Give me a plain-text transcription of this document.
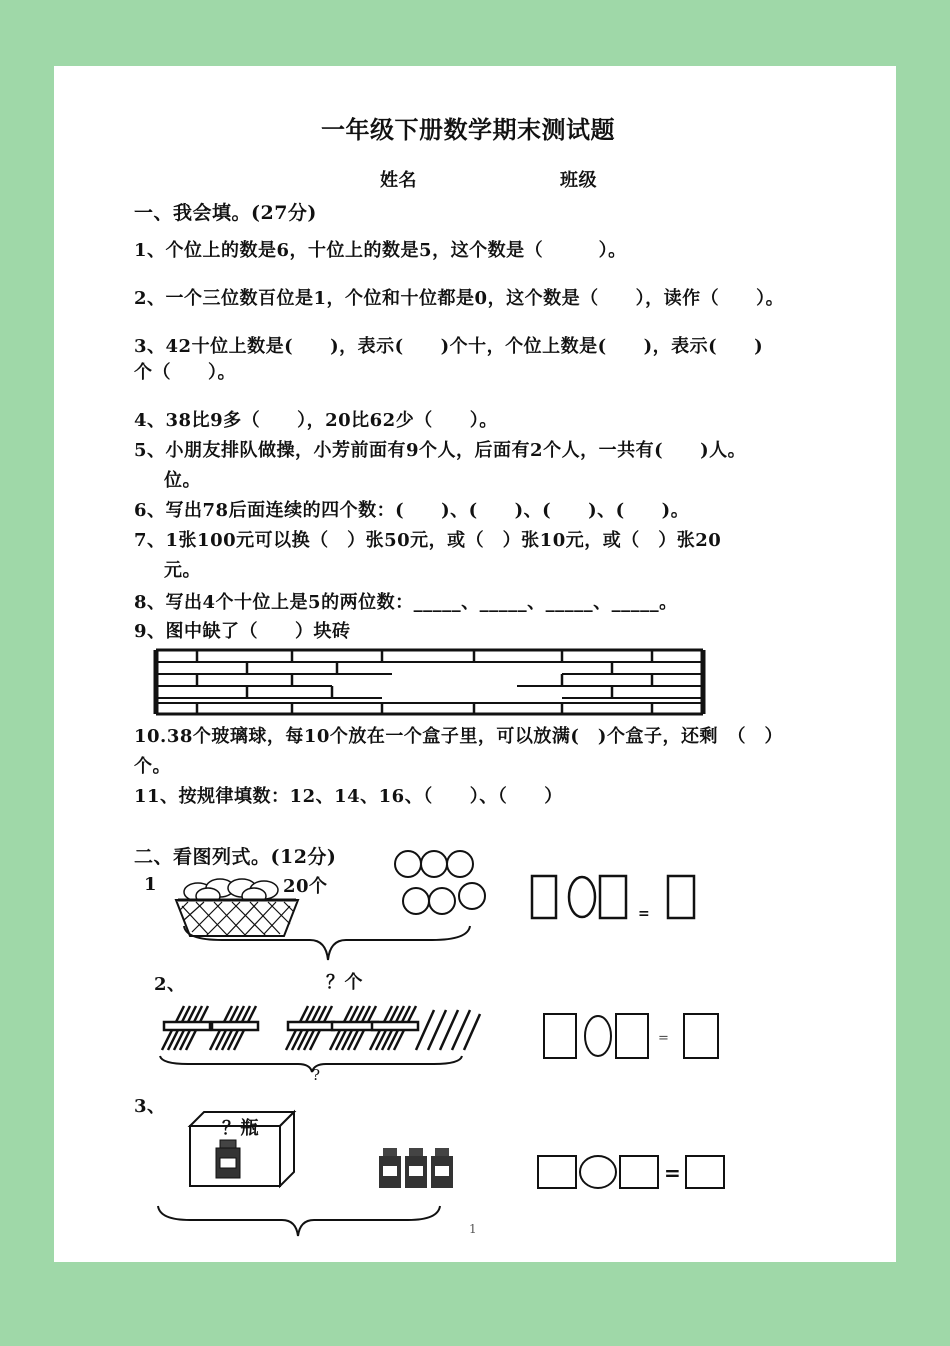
一年级下册数学期末测试题
姓名	班级
一、我会填。(27分)
1、个位上的数是6，十位上的数是5，这个数是（　　　）。
2、一个三位数百位是1，个位和十位都是0，这个数是（　　），读作（　　）。
3、42十位上数是(　　)，表示(　　)个十，个位上数是(　　)，表示(　　)
个（　　）。
4、38比9多（　　），20比62少（　　）。
5、小朋友排队做操，小芳前面有9个人，后面有2个人，一共有(　　)人。
位。
6、写出78后面连续的四个数：(　　)、(　　)、(　　)、(　　)。
7、1张100元可以换（　）张50元，或（　）张10元，或（　）张20
元。
8、写出4个十位上是5的两位数：_____、_____、_____、_____。
9、图中缺了（　　）块砖
10.38个玻璃球，每10个放在一个盒子里，可以放满(　)个盒子，还剩　（　）
个。
11、按规律填数：12、14、16、（　　）、（　　）
二、看图列式。(12分)
1	20个
=
2、	？个
?
=
3、
？瓶
=
1
